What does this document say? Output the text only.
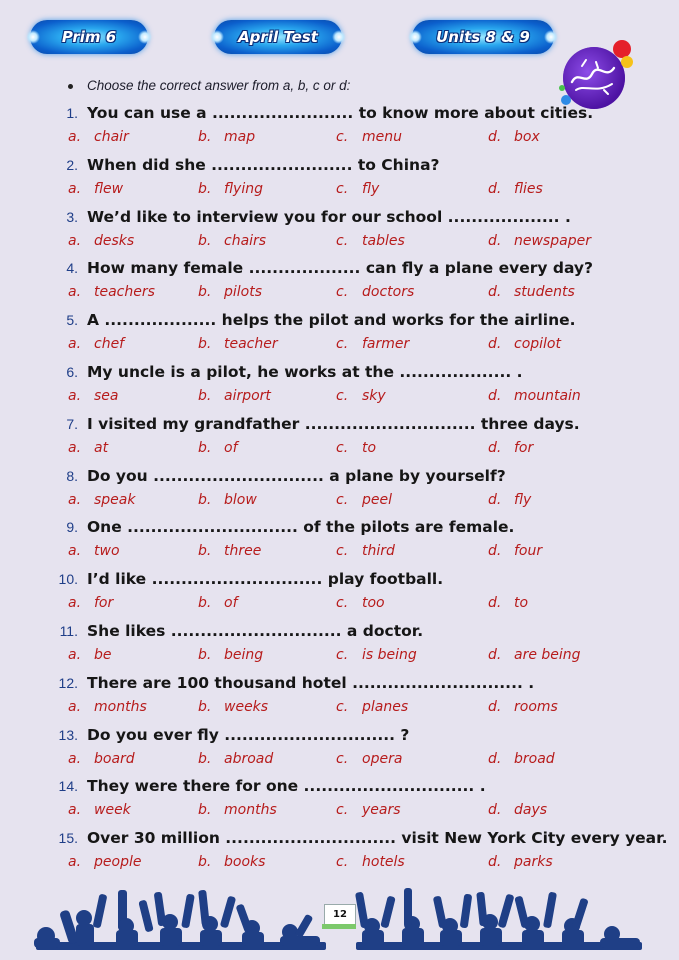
Prim 6	April Test	Units 8 & 9
Choose the correct answer from a, b, c or d:
1. You can use a ........................ to know more about cities.
a. chair	b. map	c. menu	d. box
2. When did she ........................ to China?
a. flew	b. flying	c. fly	d. flies
3. We’d like to interview you for our school ................... .
a. desks	b. chairs	c. tables	d. newspaper
4. How many female ................... can fly a plane every day?
a. teachers	b. pilots	c. doctors	d. students
5. A ................... helps the pilot and works for the airline.
a. chef	b. teacher	c. farmer	d. copilot
6. My uncle is a pilot, he works at the ................... .
a. sea	b. airport	c. sky	d. mountain
7. I visited my grandfather ............................. three days.
a. at	b. of	c. to	d. for
8. Do you ............................. a plane by yourself?
a. speak	b. blow	c. peel	d. fly
9. One ............................. of the pilots are female.
a. two	b. three	c. third	d. four
10. I’d like ............................. play football.
a. for	b. of	c. too	d. to
11. She likes ............................. a doctor.
a. be	b. being	c. is being	d. are being
12. There are 100 thousand hotel ............................. .
a. months	b. weeks	c. planes	d. rooms
13. Do you ever fly ............................. ?
a. board	b. abroad	c. opera	d. broad
14. They were there for one ............................. .
a. week	b. months	c. years	d. days
15. Over 30 million ............................. visit New York City every year.
a. people	b. books	c. hotels	d. parks
12
